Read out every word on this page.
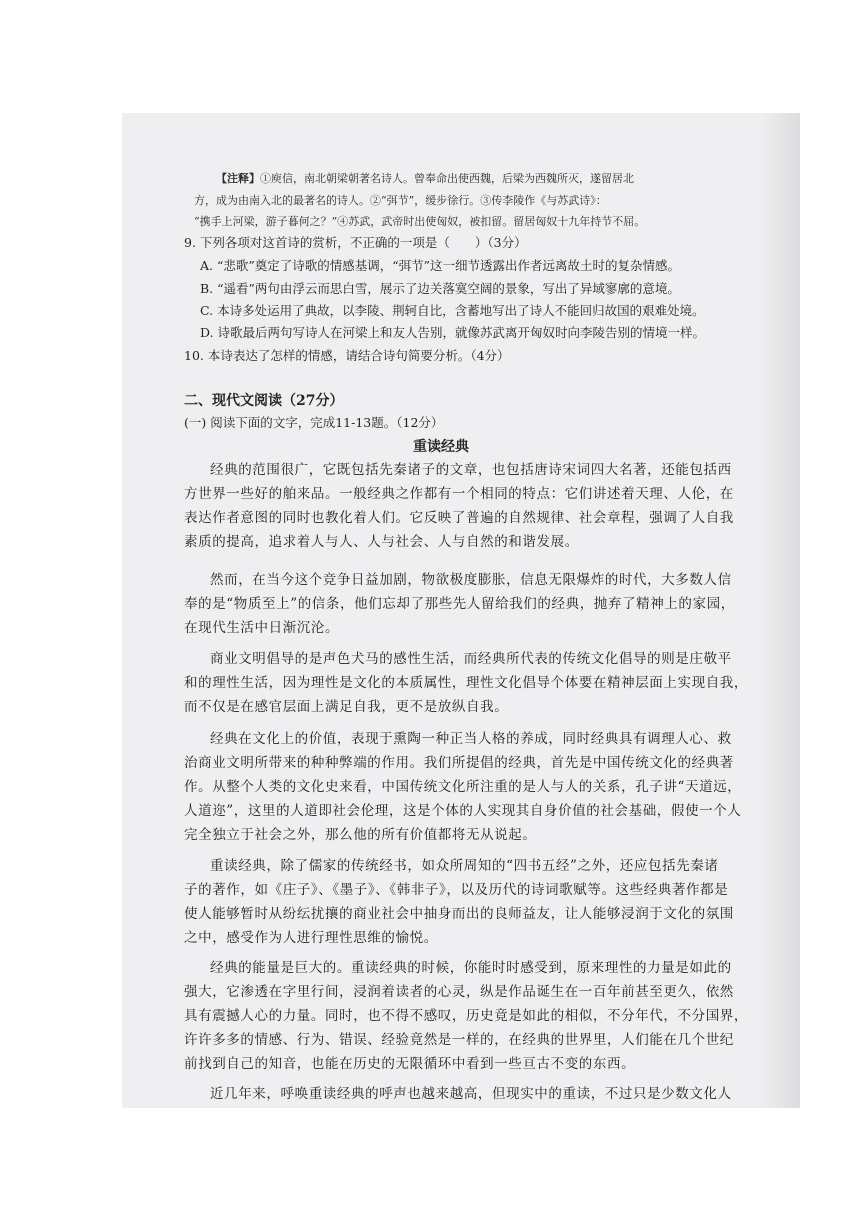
【注释】①庾信，南北朝梁朝著名诗人。曾奉命出使西魏，后梁为西魏所灭，遂留居北
方，成为由南入北的最著名的诗人。②“弭节”，缓步徐行。③传李陵作《与苏武诗》：
“携手上河梁，游子暮何之？”④苏武，武帝时出使匈奴，被扣留。留居匈奴十九年持节不屈。
9. 下列各项对这首诗的赏析，不正确的一项是（　　）（3分）
A. “悲歌”奠定了诗歌的情感基调，“弭节”这一细节透露出作者远离故土时的复杂情感。
B. “遥看”两句由浮云而思白雪，展示了边关落寞空阔的景象，写出了异域寥廓的意境。
C. 本诗多处运用了典故，以李陵、荆轲自比，含蓄地写出了诗人不能回归故国的艰难处境。
D. 诗歌最后两句写诗人在河梁上和友人告别，就像苏武离开匈奴时向李陵告别的情境一样。
10. 本诗表达了怎样的情感，请结合诗句简要分析。（4分）
二、现代文阅读（27分）
(一) 阅读下面的文字，完成11-13题。（12分）
重读经典
经典的范围很广，它既包括先秦诸子的文章，也包括唐诗宋词四大名著，还能包括西
方世界一些好的舶来品。一般经典之作都有一个相同的特点：它们讲述着天理、人伦，在
表达作者意图的同时也教化着人们。它反映了普遍的自然规律、社会章程，强调了人自我
素质的提高，追求着人与人、人与社会、人与自然的和谐发展。
然而，在当今这个竞争日益加剧，物欲极度膨胀，信息无限爆炸的时代，大多数人信
奉的是“物质至上”的信条，他们忘却了那些先人留给我们的经典，抛弃了精神上的家园，
在现代生活中日渐沉沦。
商业文明倡导的是声色犬马的感性生活，而经典所代表的传统文化倡导的则是庄敬平
和的理性生活，因为理性是文化的本质属性，理性文化倡导个体要在精神层面上实现自我，
而不仅是在感官层面上满足自我，更不是放纵自我。
经典在文化上的价值，表现于熏陶一种正当人格的养成，同时经典具有调理人心、救
治商业文明所带来的种种弊端的作用。我们所提倡的经典，首先是中国传统文化的经典著
作。从整个人类的文化史来看，中国传统文化所注重的是人与人的关系，孔子讲“天道远，
人道迩”，这里的人道即社会伦理，这是个体的人实现其自身价值的社会基础，假使一个人
完全独立于社会之外，那么他的所有价值都将无从说起。
重读经典，除了儒家的传统经书，如众所周知的“四书五经”之外，还应包括先秦诸
子的著作，如《庄子》、《墨子》、《韩非子》，以及历代的诗词歌赋等。这些经典著作都是
使人能够暂时从纷纭扰攘的商业社会中抽身而出的良师益友，让人能够浸润于文化的氛围
之中，感受作为人进行理性思维的愉悦。
经典的能量是巨大的。重读经典的时候，你能时时感受到，原来理性的力量是如此的
强大，它渗透在字里行间，浸润着读者的心灵，纵是作品诞生在一百年前甚至更久，依然
具有震撼人心的力量。同时，也不得不感叹，历史竟是如此的相似，不分年代，不分国界，
许许多多的情感、行为、错误、经验竟然是一样的，在经典的世界里，人们能在几个世纪
前找到自己的知音，也能在历史的无限循环中看到一些亘古不变的东西。
近几年来，呼唤重读经典的呼声也越来越高，但现实中的重读，不过只是少数文化人
